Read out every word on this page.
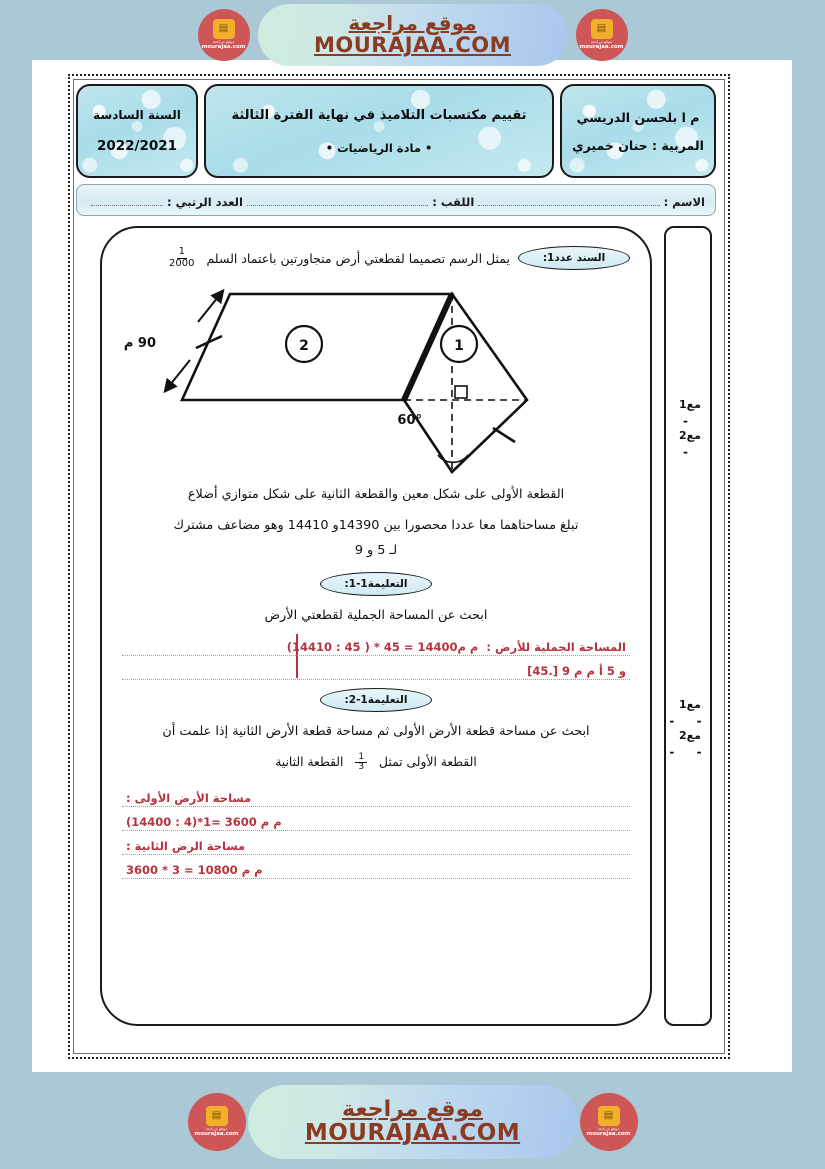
▤
موقع مراجعة
mourajaa.com
موقع مراجعة
MOURAJAA.COM
▤
موقع مراجعة
mourajaa.com
م ا بلحسن الدريسي
المربية : حنان خميري
تقييم مكتسبات التلاميذ في نهاية الفترة الثالثة
• مادة الرياضيات •
السنة السادسة
2022/2021
الاسم :
اللقب :
العدد الرتبي :
مع1
-
مع2
-
مع1
- -
مع2
- -
السند عدد1:
يمثل الرسم تصميما لقطعتي أرض متجاورتين باعتماد السلم
$\frac{1}{2000}$
2	1
90 م
60°
القطعة الأولى على شكل معين والقطعة الثانية على شكل متوازي أضلاع
تبلغ مساحتاهما معا عددا محصورا بين 14390و 14410 وهو مضاعف مشترك
لـ 5 و 9
التعليمة1-1:
ابحث عن المساحة الجملية لقطعتي الأرض
المساحة الجملية للأرض :
(14410 : 45 ) * 45 = 14400م م
[45.] 9 و 5 أ م م
التعليمة1-2:
ابحث عن مساحة قطعة الأرض الأولى ثم مساحة قطعة الأرض الثانية إذا علمت أن
القطعة الأولى تمثل
$\frac{1}{3}$
القطعة الثانية
مساحة الأرض الأولى :
(14400 : 4)*1= 3600 م م
مساحة الرض الثانية :
3600 * 3 = 10800 م م
▤
موقع مراجعة
mourajaa.com
موقع مراجعة
MOURAJAA.COM
▤
موقع مراجعة
mourajaa.com
